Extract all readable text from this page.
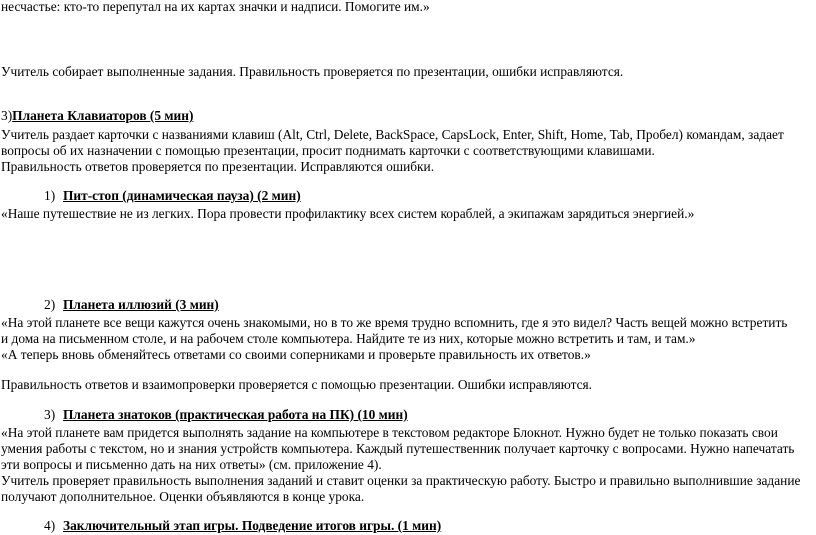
несчастье: кто-то перепутал на их картах значки и надписи. Помогите им.»
Учитель собирает выполненные задания. Правильность проверяется по презентации, ошибки исправляются.
3)Планета Клавиаторов (5 мин)
Учитель раздает карточки с названиями клавиш (Alt, Ctrl, Delete, BackSpace, CapsLock, Enter, Shift, Home, Tab, Пробел) командам, задает
вопросы об их назначении с помощью презентации, просит поднимать карточки с соответствующими клавишами.
Правильность ответов проверяется по презентации. Исправляются ошибки.
1) Пит-стоп (динамическая пауза) (2 мин)
«Наше путешествие не из легких. Пора провести профилактику всех систем кораблей, а экипажам зарядиться энергией.»
2) Планета иллюзий (3 мин)
«На этой планете все вещи кажутся очень знакомыми, но в то же время трудно вспомнить, где я это видел? Часть вещей можно встретить
и дома на письменном столе, и на рабочем столе компьютера. Найдите те из них, которые можно встретить и там, и там.»
«А теперь вновь обменяйтесь ответами со своими соперниками и проверьте правильность их ответов.»
Правильность ответов и взаимопроверки проверяется с помощью презентации. Ошибки исправляются.
3) Планета знатоков (практическая работа на ПК) (10 мин)
«На этой планете вам придется выполнять задание на компьютере в текстовом редакторе Блокнот. Нужно будет не только показать свои
умения работы с текстом, но и знания устройств компьютера. Каждый путешественник получает карточку с вопросами. Нужно напечатать
эти вопросы и письменно дать на них ответы» (см. приложение 4).
Учитель проверяет правильность выполнения заданий и ставит оценки за практическую работу. Быстро и правильно выполнившие задание
получают дополнительное. Оценки объявляются в конце урока.
4) Заключительный этап игры. Подведение итогов игры. (1 мин)
